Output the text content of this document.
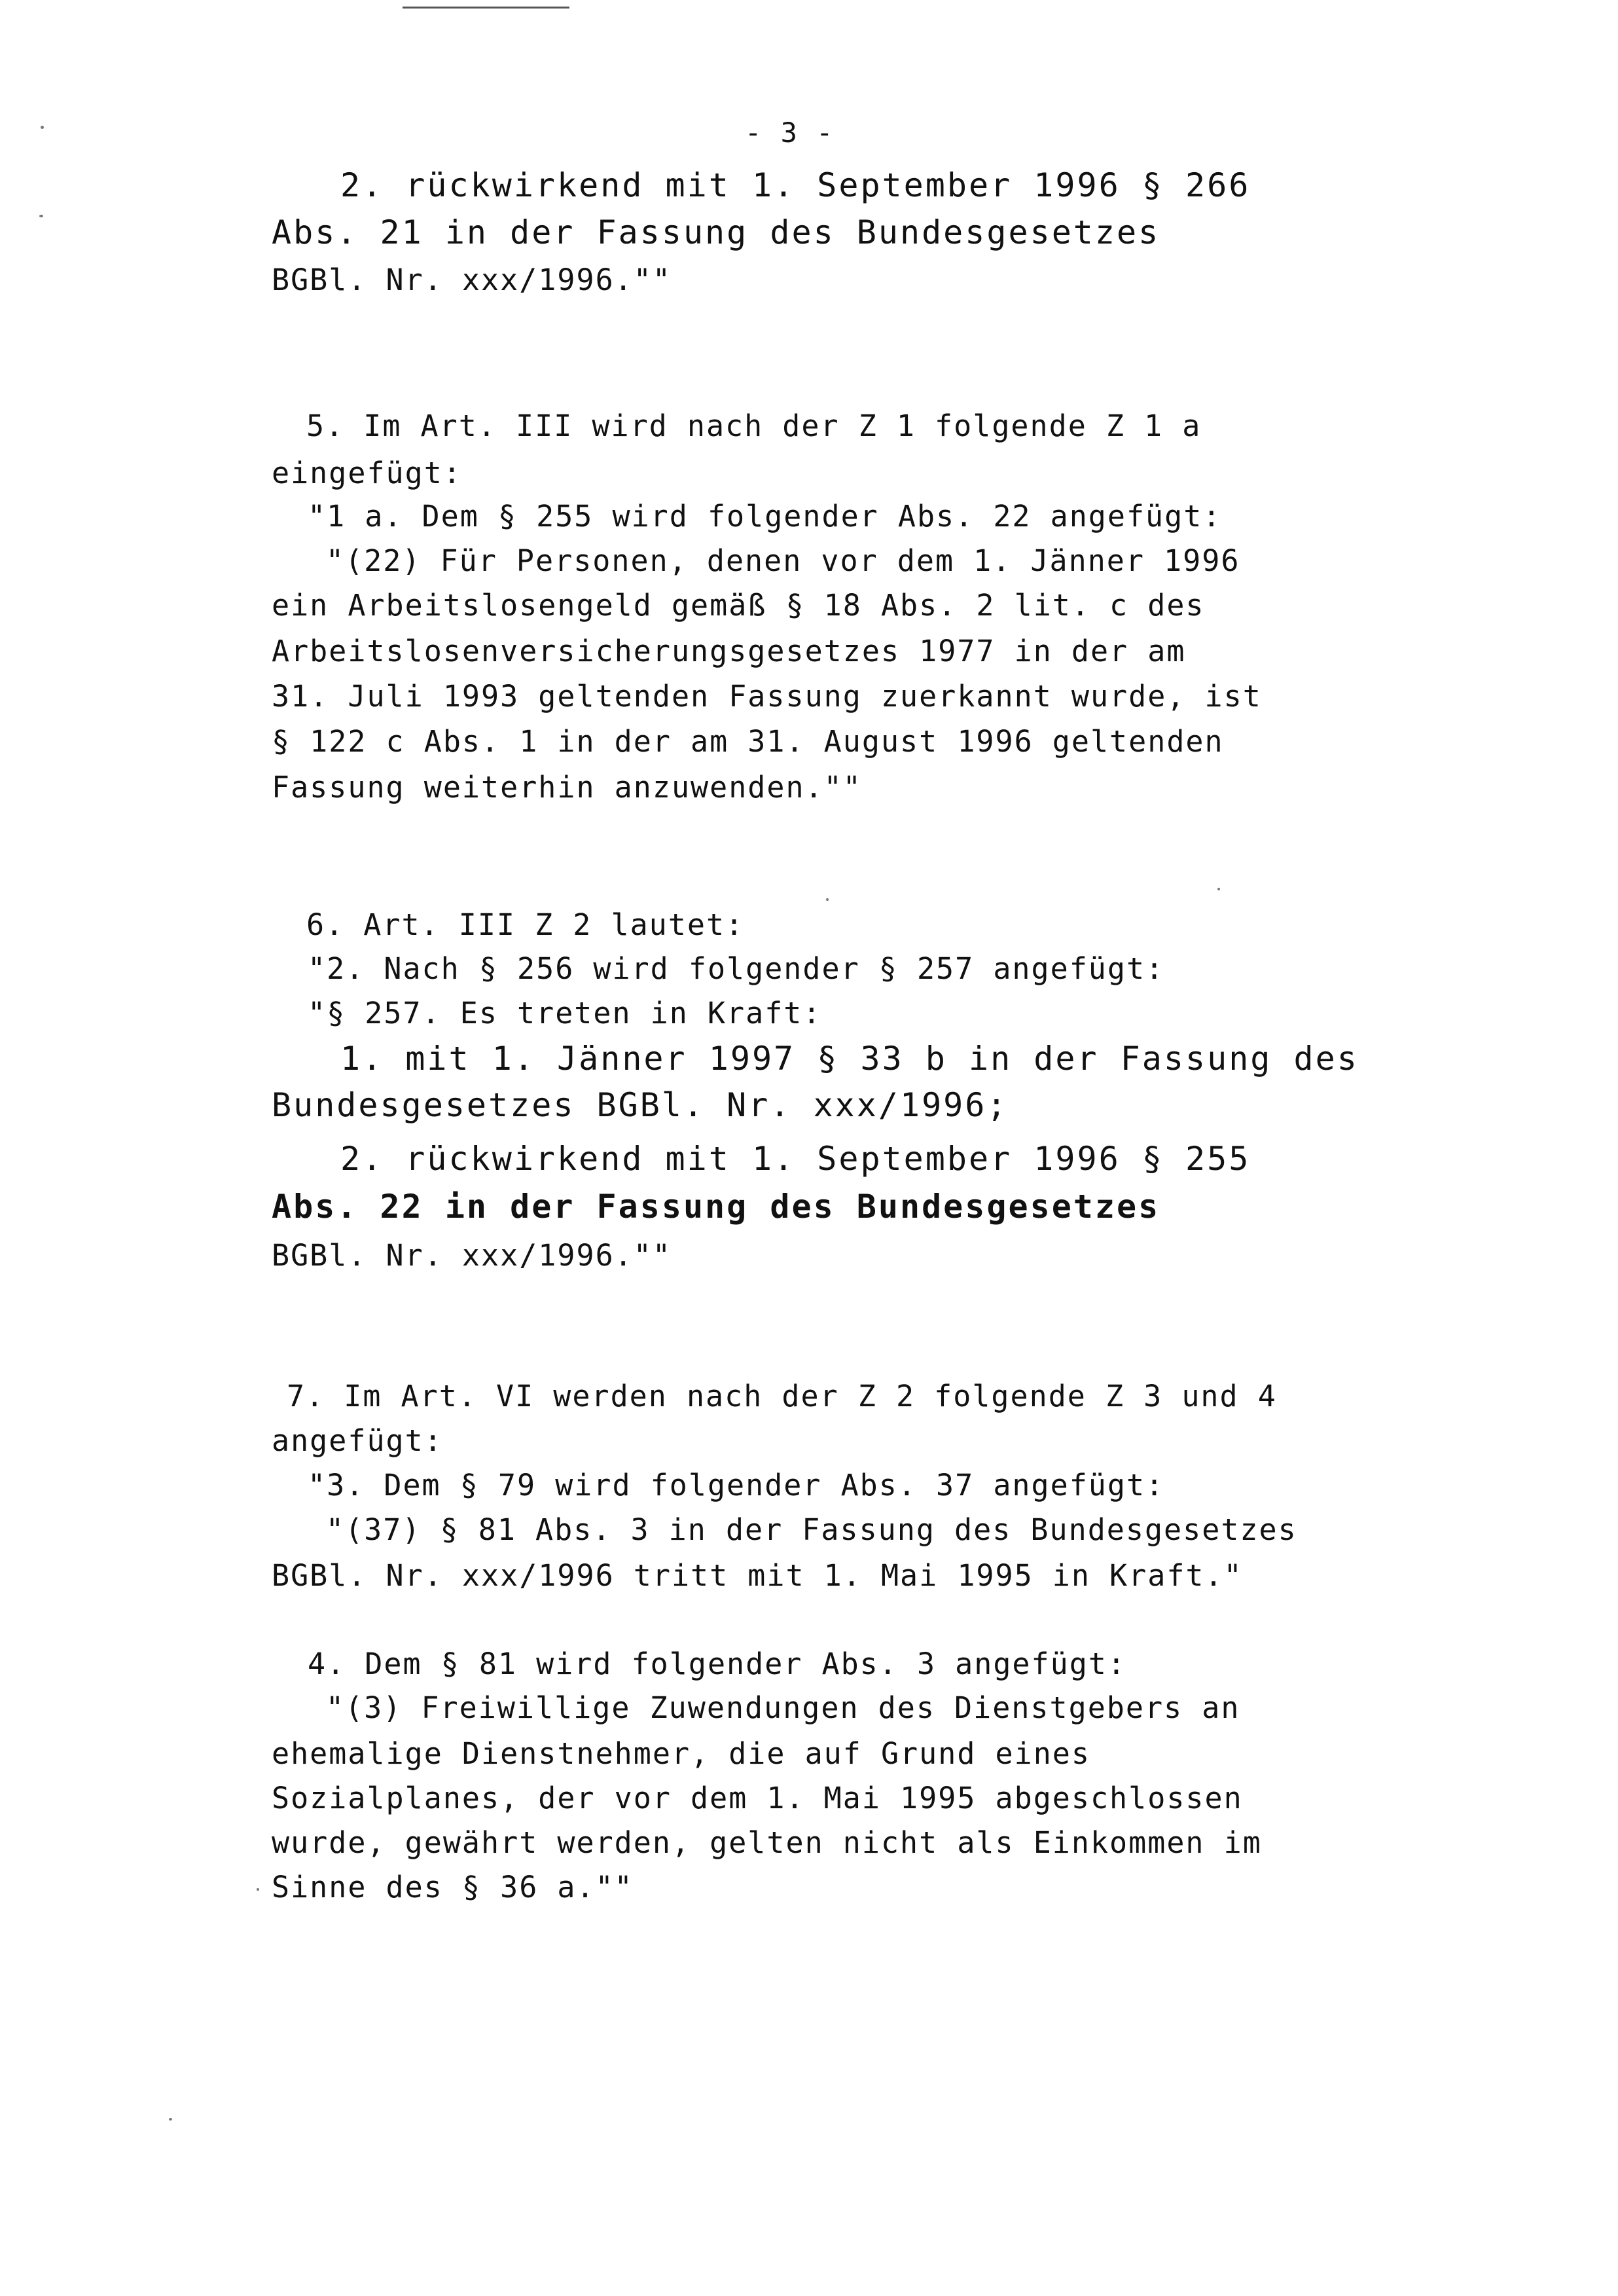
- 3 -
2. rückwirkend mit 1. September 1996 § 266
Abs. 21 in der Fassung des Bundesgesetzes
BGBl. Nr. xxx/1996.""
5. Im Art. III wird nach der Z 1 folgende Z 1 a
eingefügt:
"1 a. Dem § 255 wird folgender Abs. 22 angefügt:
"(22) Für Personen, denen vor dem 1. Jänner 1996
ein Arbeitslosengeld gemäß § 18 Abs. 2 lit. c des
Arbeitslosenversicherungsgesetzes 1977 in der am
31. Juli 1993 geltenden Fassung zuerkannt wurde, ist
§ 122 c Abs. 1 in der am 31. August 1996 geltenden
Fassung weiterhin anzuwenden.""
6. Art. III Z 2 lautet:
"2. Nach § 256 wird folgender § 257 angefügt:
"§ 257. Es treten in Kraft:
1. mit 1. Jänner 1997 § 33 b in der Fassung des
Bundesgesetzes BGBl. Nr. xxx/1996;
2. rückwirkend mit 1. September 1996 § 255
Abs. 22 in der Fassung des Bundesgesetzes
BGBl. Nr. xxx/1996.""
7. Im Art. VI werden nach der Z 2 folgende Z 3 und 4
angefügt:
"3. Dem § 79 wird folgender Abs. 37 angefügt:
"(37) § 81 Abs. 3 in der Fassung des Bundesgesetzes
BGBl. Nr. xxx/1996 tritt mit 1. Mai 1995 in Kraft."
4. Dem § 81 wird folgender Abs. 3 angefügt:
"(3) Freiwillige Zuwendungen des Dienstgebers an
ehemalige Dienstnehmer, die auf Grund eines
Sozialplanes, der vor dem 1. Mai 1995 abgeschlossen
wurde, gewährt werden, gelten nicht als Einkommen im
Sinne des § 36 a.""
